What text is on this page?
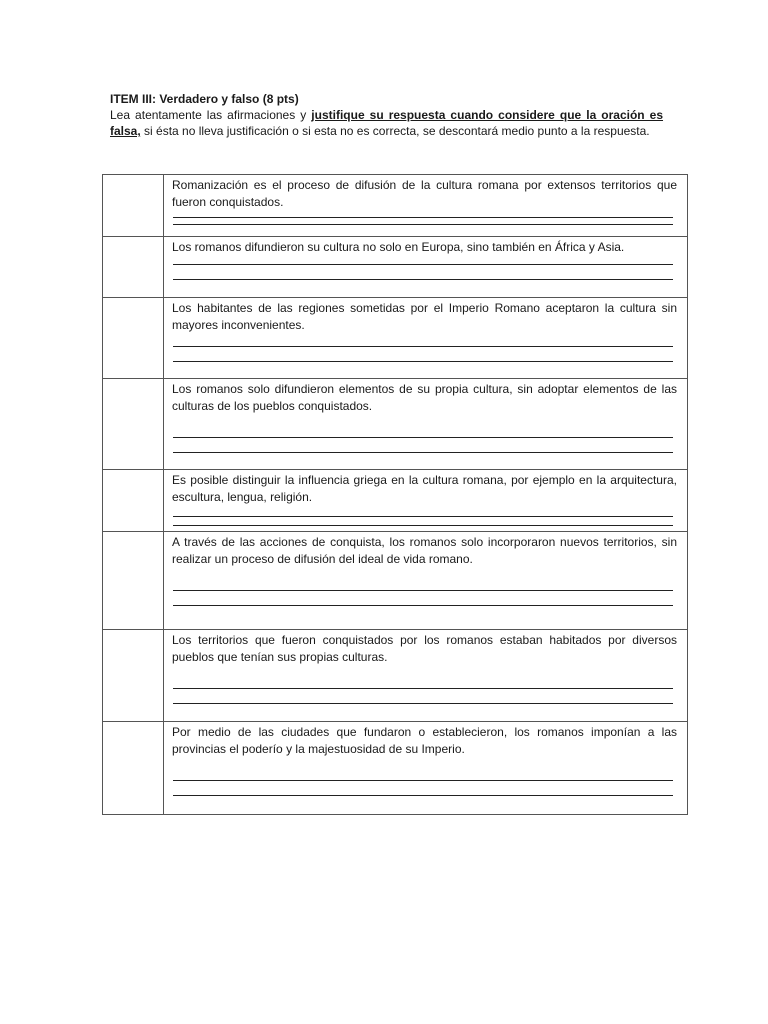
ITEM III: Verdadero y falso (8 pts)

Lea atentamente las afirmaciones y justifique su respuesta cuando considere que la oración es falsa, si ésta no lleva justificación o si esta no es correcta, se descontará medio punto a la respuesta.

	Romanización es el proceso de difusión de la cultura romana por extensos territorios que fueron conquistados.

	Los romanos difundieron su cultura no solo en Europa, sino también en África y Asia.

	Los habitantes de las regiones sometidas por el Imperio Romano aceptaron la cultura sin mayores inconvenientes.

	Los romanos solo difundieron elementos de su propia cultura, sin adoptar elementos de las culturas de los pueblos conquistados.

	Es posible distinguir la influencia griega en la cultura romana, por ejemplo en la arquitectura, escultura, lengua, religión.

	A través de las acciones de conquista, los romanos solo incorporaron nuevos territorios, sin realizar un proceso de difusión del ideal de vida romano.

	Los territorios que fueron conquistados por los romanos estaban habitados por diversos pueblos que tenían sus propias culturas.

	Por medio de las ciudades que fundaron o establecieron, los romanos imponían a las provincias el poderío y la majestuosidad de su Imperio.
